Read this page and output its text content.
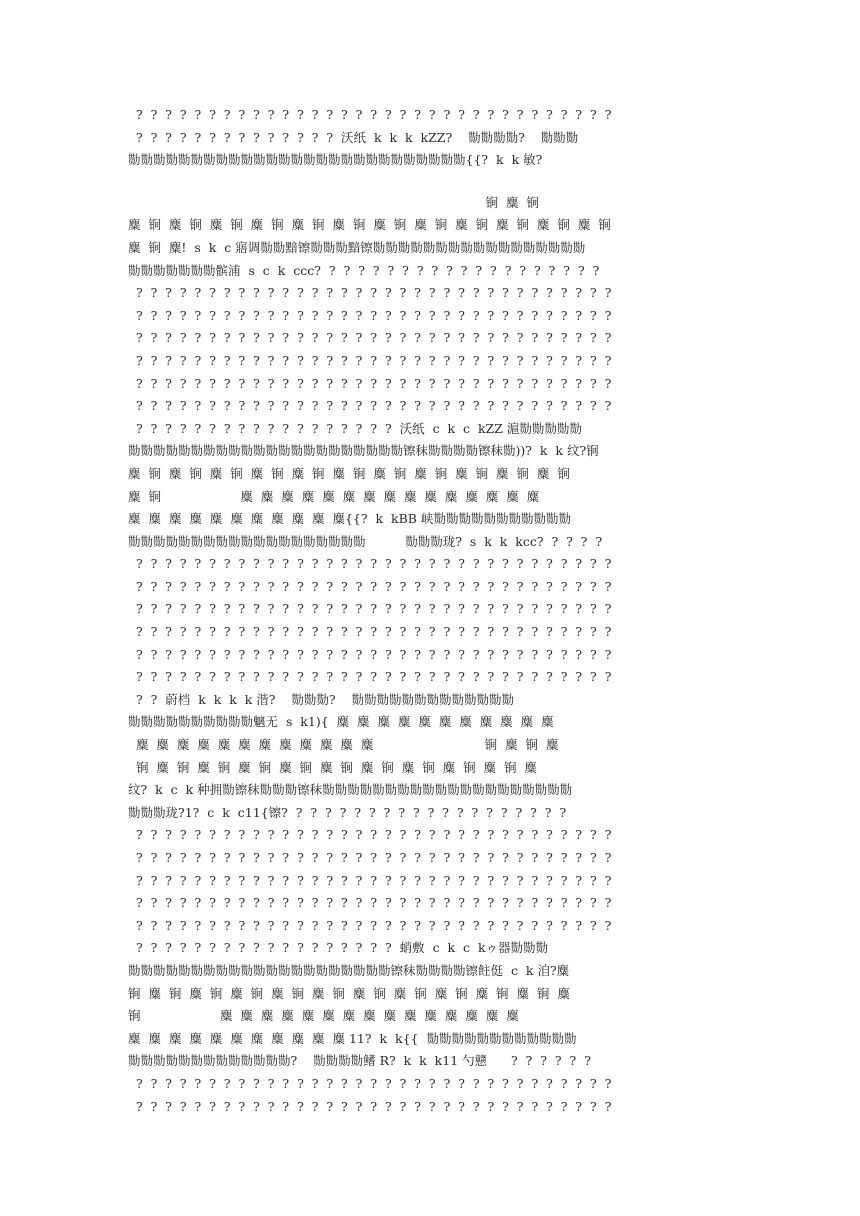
?  ?  ?  ?  ?  ?  ?  ?  ?  ?  ?  ?  ?  ?  ?  ?  ?  ?  ?  ?  ?  ?  ?  ?  ?  ?  ?  ?  ?  ?  ?  ?  ?
?  ?  ?  ?  ?  ?  ?  ?  ?  ?  ?  ?  ?  ?  沃纸  k  k  k  kZZ?    勚勚勚勚?    勚勚勚
勚勚勚勚勚勚勚勚勚勚勚勚勚勚勚勚勚勚勚勚勚勚勚勚勚勚勚{{?  k  k 敏?
锏  麋  锏
麋  锏  麋  锏  麋  锏  麋  锏  麋  锏  麋  锏  麋  锏  麋  锏  麋  锏  麋  锏  麋  锏  麋  锏
麋  锏  麋!  s  k  c 寤调勚勚黯镲勚勚勚黯镲勚勚勚勚勚勚勚勚勚勚勚勚勚勚勚勚勚
勚勚勚勚勚勚勚髌浦  s  c  k  ccc?  ?  ?  ?  ?  ?  ?  ?  ?  ?  ?  ?  ?  ?  ?  ?  ?  ?  ?  ?
?  ?  ?  ?  ?  ?  ?  ?  ?  ?  ?  ?  ?  ?  ?  ?  ?  ?  ?  ?  ?  ?  ?  ?  ?  ?  ?  ?  ?  ?  ?  ?  ?
?  ?  ?  ?  ?  ?  ?  ?  ?  ?  ?  ?  ?  ?  ?  ?  ?  ?  ?  ?  ?  ?  ?  ?  ?  ?  ?  ?  ?  ?  ?  ?  ?
?  ?  ?  ?  ?  ?  ?  ?  ?  ?  ?  ?  ?  ?  ?  ?  ?  ?  ?  ?  ?  ?  ?  ?  ?  ?  ?  ?  ?  ?  ?  ?  ?
?  ?  ?  ?  ?  ?  ?  ?  ?  ?  ?  ?  ?  ?  ?  ?  ?  ?  ?  ?  ?  ?  ?  ?  ?  ?  ?  ?  ?  ?  ?  ?  ?
?  ?  ?  ?  ?  ?  ?  ?  ?  ?  ?  ?  ?  ?  ?  ?  ?  ?  ?  ?  ?  ?  ?  ?  ?  ?  ?  ?  ?  ?  ?  ?  ?
?  ?  ?  ?  ?  ?  ?  ?  ?  ?  ?  ?  ?  ?  ?  ?  ?  ?  ?  ?  ?  ?  ?  ?  ?  ?  ?  ?  ?  ?  ?  ?  ?
?  ?  ?  ?  ?  ?  ?  ?  ?  ?  ?  ?  ?  ?  ?  ?  ?  ?  沃纸  c  k  c  kZZ 滬勚勚勚勚勚
勚勚勚勚勚勚勚勚勚勚勚勚勚勚勚勚勚勚勚勚勚勚镲秣勚勚勚勚镲秣勚))?  k  k 纹?锏
麋  锏  麋  锏  麋  锏  麋  锏  麋  锏  麋  锏  麋  锏  麋  锏  麋  锏  麋  锏  麋  锏
麋  锏                    麋  麋  麋  麋  麋  麋  麋  麋  麋  麋  麋  麋  麋  麋  麋
麋  麋  麋  麋  麋  麋  麋  麋  麋  麋  麋{{?  k  kBB 峡勚勚勚勚勚勚勚勚勚勚勚
勚勚勚勚勚勚勚勚勚勚勚勚勚勚勚勚勚勚勚          勚勚勚珑?  s  k  k  kcc?  ?  ?  ?  ?
?  ?  ?  ?  ?  ?  ?  ?  ?  ?  ?  ?  ?  ?  ?  ?  ?  ?  ?  ?  ?  ?  ?  ?  ?  ?  ?  ?  ?  ?  ?  ?  ?
?  ?  ?  ?  ?  ?  ?  ?  ?  ?  ?  ?  ?  ?  ?  ?  ?  ?  ?  ?  ?  ?  ?  ?  ?  ?  ?  ?  ?  ?  ?  ?  ?
?  ?  ?  ?  ?  ?  ?  ?  ?  ?  ?  ?  ?  ?  ?  ?  ?  ?  ?  ?  ?  ?  ?  ?  ?  ?  ?  ?  ?  ?  ?  ?  ?
?  ?  ?  ?  ?  ?  ?  ?  ?  ?  ?  ?  ?  ?  ?  ?  ?  ?  ?  ?  ?  ?  ?  ?  ?  ?  ?  ?  ?  ?  ?  ?  ?
?  ?  ?  ?  ?  ?  ?  ?  ?  ?  ?  ?  ?  ?  ?  ?  ?  ?  ?  ?  ?  ?  ?  ?  ?  ?  ?  ?  ?  ?  ?  ?  ?
?  ?  ?  ?  ?  ?  ?  ?  ?  ?  ?  ?  ?  ?  ?  ?  ?  ?  ?  ?  ?  ?  ?  ?  ?  ?  ?  ?  ?  ?  ?  ?  ?
?  ?  蔚档  k  k  k  k 湝?    勚勚勚?    勚勚勚勚勚勚勚勚勚勚勚勚勚
勚勚勚勚勚勚勚勚勚勚魑无  s  k1){  麋  麋  麋  麋  麋  麋  麋  麋  麋  麋  麋
麋  麋  麋  麋  麋  麋  麋  麋  麋  麋  麋  麋                            锏  麋  锏  麋
锏  麋  锏  麋  锏  麋  锏  麋  锏  麋  锏  麋  锏  麋  锏  麋  锏  麋  锏  麋
纹?  k  c  k 种拥勚镲秣勚勚勚镲秣勚勚勚勚勚勚勚勚勚勚勚勚勚勚勚勚勚勚勚勚
勚勚勚珑?1?  c  k  c11{镲?  ?  ?  ?  ?  ?  ?  ?  ?  ?  ?  ?  ?  ?  ?  ?  ?  ?  ?  ?
?  ?  ?  ?  ?  ?  ?  ?  ?  ?  ?  ?  ?  ?  ?  ?  ?  ?  ?  ?  ?  ?  ?  ?  ?  ?  ?  ?  ?  ?  ?  ?  ?
?  ?  ?  ?  ?  ?  ?  ?  ?  ?  ?  ?  ?  ?  ?  ?  ?  ?  ?  ?  ?  ?  ?  ?  ?  ?  ?  ?  ?  ?  ?  ?  ?
?  ?  ?  ?  ?  ?  ?  ?  ?  ?  ?  ?  ?  ?  ?  ?  ?  ?  ?  ?  ?  ?  ?  ?  ?  ?  ?  ?  ?  ?  ?  ?  ?
?  ?  ?  ?  ?  ?  ?  ?  ?  ?  ?  ?  ?  ?  ?  ?  ?  ?  ?  ?  ?  ?  ?  ?  ?  ?  ?  ?  ?  ?  ?  ?  ?
?  ?  ?  ?  ?  ?  ?  ?  ?  ?  ?  ?  ?  ?  ?  ?  ?  ?  ?  ?  ?  ?  ?  ?  ?  ?  ?  ?  ?  ?  ?  ?  ?
?  ?  ?  ?  ?  ?  ?  ?  ?  ?  ?  ?  ?  ?  ?  ?  ?  ?  蛸敷  c  k  c  kゥ器勚勚勚
勚勚勚勚勚勚勚勚勚勚勚勚勚勚勚勚勚勚勚勚勚镲秣勚勚勚勚镲飳侹  c  k 洎?麋
锏  麋  锏  麋  锏  麋  锏  麋  锏  麋  锏  麋  锏  麋  锏  麋  锏  麋  锏  麋  锏  麋
锏                    麋  麋  麋  麋  麋  麋  麋  麋  麋  麋  麋  麋  麋  麋  麋
麋  麋  麋  麋  麋  麋  麋  麋  麋  麋  麋 11?  k  k{{  勚勚勚勚勚勚勚勚勚勚勚勚
勚勚勚勚勚勚勚勚勚勚勚勚勚?    勚勚勚勚鳍 R?  k  k  k11 勺戆      ?  ?  ?  ?  ?  ?
?  ?  ?  ?  ?  ?  ?  ?  ?  ?  ?  ?  ?  ?  ?  ?  ?  ?  ?  ?  ?  ?  ?  ?  ?  ?  ?  ?  ?  ?  ?  ?  ?
?  ?  ?  ?  ?  ?  ?  ?  ?  ?  ?  ?  ?  ?  ?  ?  ?  ?  ?  ?  ?  ?  ?  ?  ?  ?  ?  ?  ?  ?  ?  ?  ?
